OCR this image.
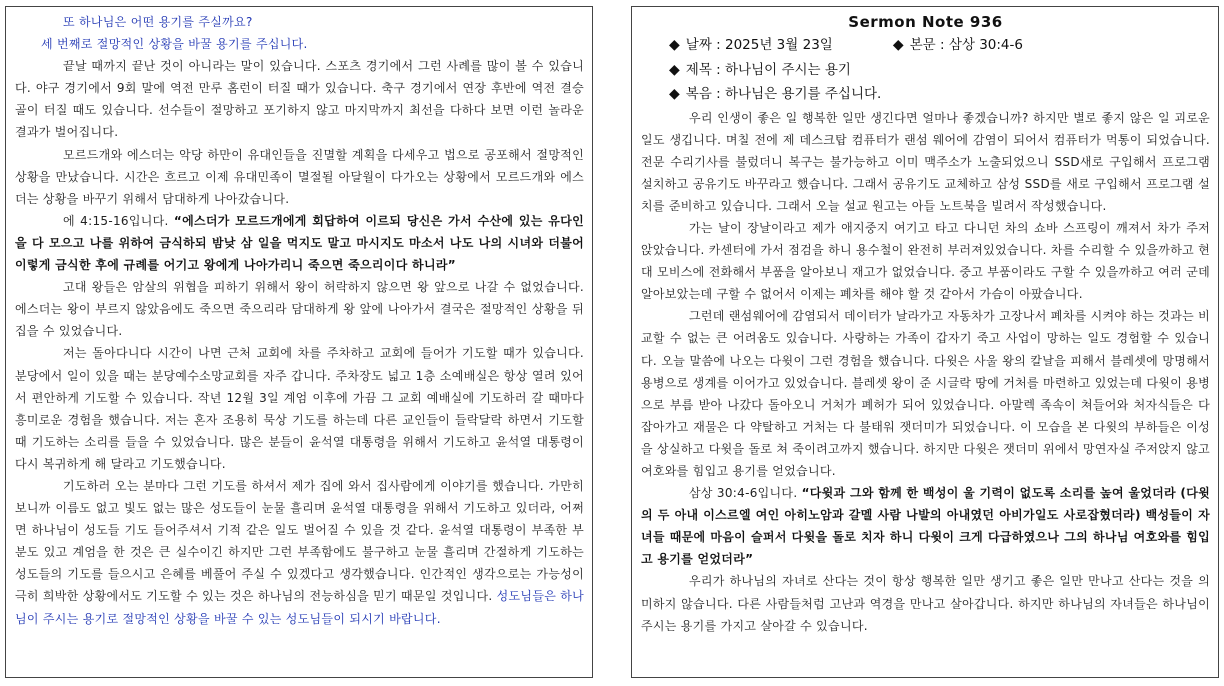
또 하나님은 어떤 용기를 주실까요?

세 번째로 절망적인 상황을 바꿀 용기를 주십니다.

끝날 때까지 끝난 것이 아니라는 말이 있습니다. 스포츠 경기에서 그런 사례를 많이 볼 수 있습니다. 야구 경기에서 9회 말에 역전 만루 홈런이 터질 때가 있습니다. 축구 경기에서 연장 후반에 역전 결승골이 터질 때도 있습니다. 선수들이 절망하고 포기하지 않고 마지막까지 최선을 다하다 보면 이런 놀라운 결과가 벌어집니다.

모르드개와 에스더는 악당 하만이 유대인들을 진멸할 계획을 다세우고 법으로 공포해서 절망적인 상황을 만났습니다. 시간은 흐르고 이제 유대민족이 멸절될 아달월이 다가오는 상황에서 모르드개와 에스더는 상황을 바꾸기 위해서 담대하게 나아갔습니다.

에 4:15-16입니다. “에스더가 모르드개에게 회답하여 이르되 당신은 가서 수산에 있는 유다인을 다 모으고 나를 위하여 금식하되 밤낮 삼 일을 먹지도 말고 마시지도 마소서 나도 나의 시녀와 더불어 이렇게 금식한 후에 규례를 어기고 왕에게 나아가리니 죽으면 죽으리이다 하니라”

고대 왕들은 암살의 위협을 피하기 위해서 왕이 허락하지 않으면 왕 앞으로 나갈 수 없었습니다. 에스더는 왕이 부르지 않았음에도 죽으면 죽으리라 담대하게 왕 앞에 나아가서 결국은 절망적인 상황을 뒤집을 수 있었습니다.

저는 돌아다니다 시간이 나면 근처 교회에 차를 주차하고 교회에 들어가 기도할 때가 있습니다. 분당에서 일이 있을 때는 분당예수소망교회를 자주 갑니다. 주차장도 넓고 1층 소예배실은 항상 열려 있어서 편안하게 기도할 수 있습니다. 작년 12월 3일 계엄 이후에 가끔 그 교회 예배실에 기도하러 갈 때마다 흥미로운 경험을 했습니다. 저는 혼자 조용히 묵상 기도를 하는데 다른 교인들이 들락달락 하면서 기도할 때 기도하는 소리를 들을 수 있었습니다. 많은 분들이 윤석열 대통령을 위해서 기도하고 윤석열 대통령이 다시 복귀하게 해 달라고 기도했습니다.

기도하러 오는 분마다 그런 기도를 하셔서 제가 집에 와서 집사람에게 이야기를 했습니다. 가만히 보니까 이름도 없고 빛도 없는 많은 성도들이 눈물 흘리며 윤석열 대통령을 위해서 기도하고 있더라, 어쩌면 하나님이 성도들 기도 들어주셔서 기적 같은 일도 벌어질 수 있을 것 같다. 윤석열 대통령이 부족한 부분도 있고 계엄을 한 것은 큰 실수이긴 하지만 그런 부족함에도 불구하고 눈물 흘리며 간절하게 기도하는 성도들의 기도를 들으시고 은혜를 베풀어 주실 수 있겠다고 생각했습니다. 인간적인 생각으로는 가능성이 극히 희박한 상황에서도 기도할 수 있는 것은 하나님의 전능하심을 믿기 때문일 것입니다. 성도님들은 하나님이 주시는 용기로 절망적인 상황을 바꿀 수 있는 성도님들이 되시기 바랍니다.

Sermon Note 936
◆ 날짜 : 2025년 3월 23일	◆ 본문 : 삼상 30:4-6
◆ 제목 : 하나님이 주시는 용기
◆ 복음 : 하나님은 용기를 주십니다.

우리 인생이 좋은 일 행복한 일만 생긴다면 얼마나 좋겠습니까? 하지만 별로 좋지 않은 일 괴로운 일도 생깁니다. 며칠 전에 제 데스크탑 컴퓨터가 랜섬 웨어에 감염이 되어서 컴퓨터가 먹통이 되었습니다. 전문 수리기사를 불렀더니 복구는 불가능하고 이미 맥주소가 노출되었으니 SSD새로 구입해서 프로그램 설치하고 공유기도 바꾸라고 했습니다. 그래서 공유기도 교체하고 삼성 SSD를 새로 구입해서 프로그램 설치를 준비하고 있습니다. 그래서 오늘 설교 원고는 아들 노트북을 빌려서 작성했습니다.

가는 날이 장날이라고 제가 애지중지 여기고 타고 다니던 차의 쇼바 스프링이 깨져서 차가 주저 앉았습니다. 카센터에 가서 점검을 하니 용수철이 완전히 부러져있었습니다. 차를 수리할 수 있을까하고 현대 모비스에 전화해서 부품을 알아보니 재고가 없었습니다. 중고 부품이라도 구할 수 있을까하고 여러 군데 알아보았는데 구할 수 없어서 이제는 폐차를 해야 할 것 같아서 가슴이 아팠습니다.

그런데 랜섬웨어에 감염되서 데이터가 날라가고 자동차가 고장나서 폐차를 시켜야 하는 것과는 비교할 수 없는 큰 어려움도 있습니다. 사랑하는 가족이 갑자기 죽고 사업이 망하는 일도 경험할 수 있습니다. 오늘 말씀에 나오는 다윗이 그런 경험을 했습니다. 다윗은 사울 왕의 칼날을 피해서 블레셋에 망명해서 용병으로 생계를 이어가고 있었습니다. 블레셋 왕이 준 시글락 땅에 거처를 마련하고 있었는데 다윗이 용병으로 부름 받아 나갔다 돌아오니 거처가 폐허가 되어 있었습니다. 아말렉 족속이 쳐들어와 처자식들은 다 잡아가고 재물은 다 약탈하고 거처는 다 불태워 잿더미가 되었습니다. 이 모습을 본 다윗의 부하들은 이성을 상실하고 다윗을 돌로 쳐 죽이려고까지 했습니다. 하지만 다윗은 잿더미 위에서 망연자실 주저앉지 않고 여호와를 힘입고 용기를 얻었습니다.

삼상 30:4-6입니다. “다윗과 그와 함께 한 백성이 울 기력이 없도록 소리를 높여 울었더라 (다윗의 두 아내 이스르엘 여인 아히노암과 갈멜 사람 나발의 아내였던 아비가일도 사로잡혔더라) 백성들이 자녀들 때문에 마음이 슬퍼서 다윗을 돌로 치자 하니 다윗이 크게 다급하였으나 그의 하나님 여호와를 힘입고 용기를 얻었더라”

우리가 하나님의 자녀로 산다는 것이 항상 행복한 일만 생기고 좋은 일만 만나고 산다는 것을 의미하지 않습니다. 다른 사람들처럼 고난과 역경을 만나고 살아갑니다. 하지만 하나님의 자녀들은 하나님이 주시는 용기를 가지고 살아갈 수 있습니다.
